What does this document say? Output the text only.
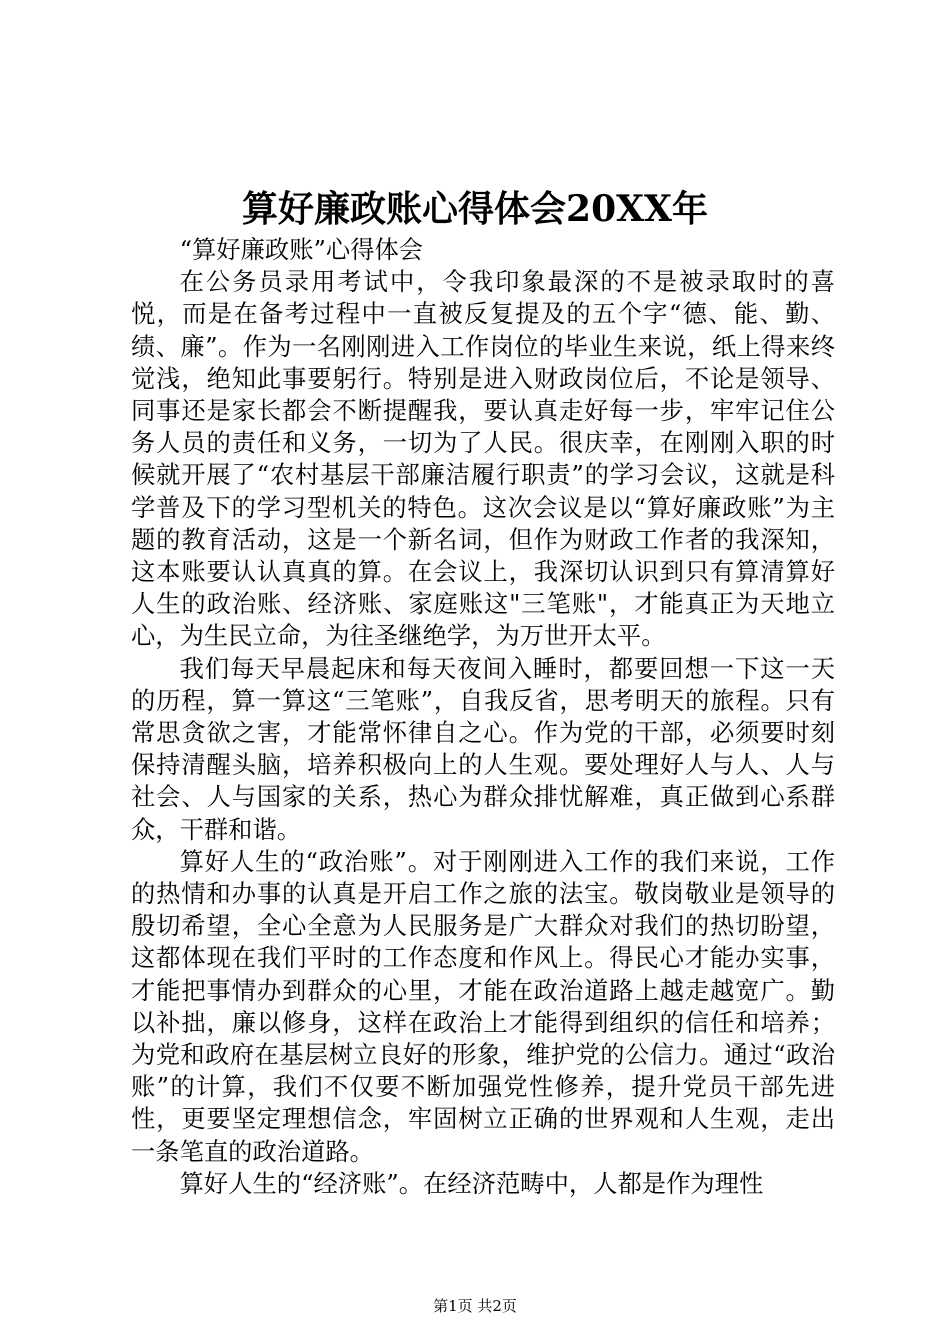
算好廉政账心得体会20XX年

“算好廉政账”心得体会

在公务员录用考试中，令我印象最深的不是被录取时的喜悦，而是在备考过程中一直被反复提及的五个字“德、能、勤、绩、廉”。作为一名刚刚进入工作岗位的毕业生来说，纸上得来终觉浅，绝知此事要躬行。特别是进入财政岗位后，不论是领导、同事还是家长都会不断提醒我，要认真走好每一步，牢牢记住公务人员的责任和义务，一切为了人民。很庆幸，在刚刚入职的时候就开展了“农村基层干部廉洁履行职责”的学习会议，这就是科学普及下的学习型机关的特色。这次会议是以“算好廉政账”为主题的教育活动，这是一个新名词，但作为财政工作者的我深知，这本账要认认真真的算。在会议上，我深切认识到只有算清算好人生的政治账、经济账、家庭账这"三笔账"，才能真正为天地立心，为生民立命，为往圣继绝学，为万世开太平。

我们每天早晨起床和每天夜间入睡时，都要回想一下这一天的历程，算一算这“三笔账”，自我反省，思考明天的旅程。只有常思贪欲之害，才能常怀律自之心。作为党的干部，必须要时刻保持清醒头脑，培养积极向上的人生观。要处理好人与人、人与社会、人与国家的关系，热心为群众排忧解难，真正做到心系群众，干群和谐。

算好人生的“政治账”。对于刚刚进入工作的我们来说，工作的热情和办事的认真是开启工作之旅的法宝。敬岗敬业是领导的殷切希望，全心全意为人民服务是广大群众对我们的热切盼望，这都体现在我们平时的工作态度和作风上。得民心才能办实事，才能把事情办到群众的心里，才能在政治道路上越走越宽广。勤以补拙，廉以修身，这样在政治上才能得到组织的信任和培养；为党和政府在基层树立良好的形象，维护党的公信力。通过“政治账”的计算，我们不仅要不断加强党性修养，提升党员干部先进性，更要坚定理想信念，牢固树立正确的世界观和人生观，走出一条笔直的政治道路。

算好人生的“经济账”。在经济范畴中，人都是作为理性

第1页 共2页
